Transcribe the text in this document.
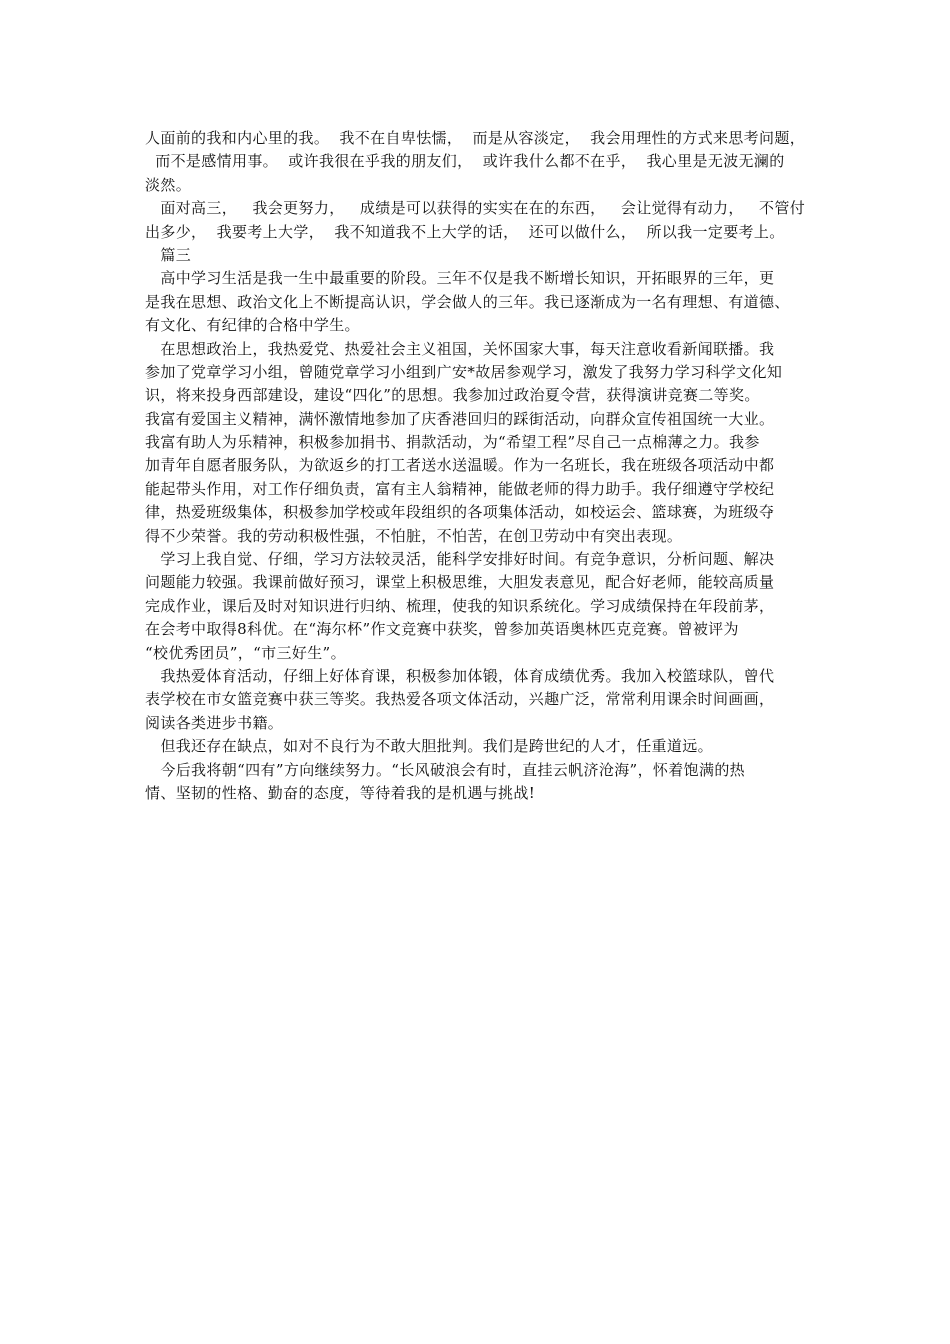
人面前的我和内心里的我。  我不在自卑怯懦，  而是从容淡定，  我会用理性的方式来思考问题，
而不是感情用事。  或许我很在乎我的朋友们，  或许我什么都不在乎，  我心里是无波无澜的
淡然。
面对高三，   我会更努力，   成绩是可以获得的实实在在的东西，   会让觉得有动力，   不管付
出多少，  我要考上大学，  我不知道我不上大学的话，  还可以做什么，  所以我一定要考上。
篇三
高中学习生活是我一生中最重要的阶段。三年不仅是我不断增长知识，开拓眼界的三年，更
是我在思想、政治文化上不断提高认识，学会做人的三年。我已逐渐成为一名有理想、有道德、
有文化、有纪律的合格中学生。
在思想政治上，我热爱党、热爱社会主义祖国，关怀国家大事，每天注意收看新闻联播。我
参加了党章学习小组，曾随党章学习小组到广安*故居参观学习，激发了我努力学习科学文化知
识，将来投身西部建设，建设“四化”的思想。我参加过政治夏令营，获得演讲竞赛二等奖。
我富有爱国主义精神，满怀激情地参加了庆香港回归的踩街活动，向群众宣传祖国统一大业。
我富有助人为乐精神，积极参加捐书、捐款活动，为“希望工程”尽自己一点棉薄之力。我参
加青年自愿者服务队，为欲返乡的打工者送水送温暖。作为一名班长，我在班级各项活动中都
能起带头作用，对工作仔细负责，富有主人翁精神，能做老师的得力助手。我仔细遵守学校纪
律，热爱班级集体，积极参加学校或年段组织的各项集体活动，如校运会、篮球赛，为班级夺
得不少荣誉。我的劳动积极性强，不怕脏，不怕苦，在创卫劳动中有突出表现。
学习上我自觉、仔细，学习方法较灵活，能科学安排好时间。有竞争意识，分析问题、解决
问题能力较强。我课前做好预习，课堂上积极思维，大胆发表意见，配合好老师，能较高质量
完成作业，课后及时对知识进行归纳、梳理，使我的知识系统化。学习成绩保持在年段前茅，
在会考中取得8科优。在“海尔杯”作文竞赛中获奖，曾参加英语奥林匹克竞赛。曾被评为
“校优秀团员”，“市三好生”。
我热爱体育活动，仔细上好体育课，积极参加体锻，体育成绩优秀。我加入校篮球队，曾代
表学校在市女篮竞赛中获三等奖。我热爱各项文体活动，兴趣广泛，常常利用课余时间画画，
阅读各类进步书籍。
但我还存在缺点，如对不良行为不敢大胆批判。我们是跨世纪的人才，任重道远。
今后我将朝“四有”方向继续努力。“长风破浪会有时，直挂云帆济沧海”，怀着饱满的热
情、坚韧的性格、勤奋的态度，等待着我的是机遇与挑战!
